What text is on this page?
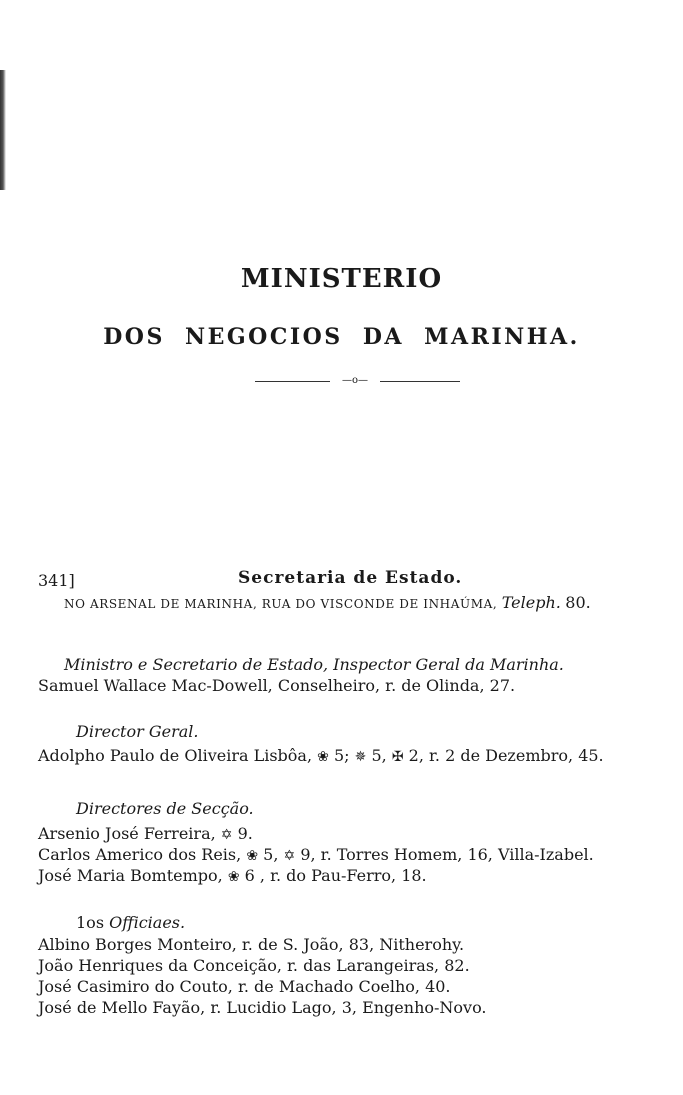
MINISTERIO
DOS NEGOCIOS DA MARINHA.
—o—
341]	Secretaria de Estado.
NO ARSENAL DE MARINHA, RUA DO VISCONDE DE INHAÚMA, Teleph. 80.
Ministro e Secretario de Estado, Inspector Geral da Marinha.
Samuel Wallace Mac-Dowell, Conselheiro, r. de Olinda, 27.
Director Geral.
Adolpho Paulo de Oliveira Lisbôa, ❀ 5; ✵ 5, ✠ 2, r. 2 de Dezembro, 45.
Directores de Secção.
Arsenio José Ferreira, ✡ 9.
Carlos Americo dos Reis, ❀ 5, ✡ 9, r. Torres Homem, 16, Villa-Izabel.
José Maria Bomtempo, ❀ 6 , r. do Pau-Ferro, 18.
1os Officiaes.
Albino Borges Monteiro, r. de S. João, 83, Nitherohy.
João Henriques da Conceição, r. das Larangeiras, 82.
José Casimiro do Couto, r. de Machado Coelho, 40.
José de Mello Fayão, r. Lucidio Lago, 3, Engenho-Novo.
